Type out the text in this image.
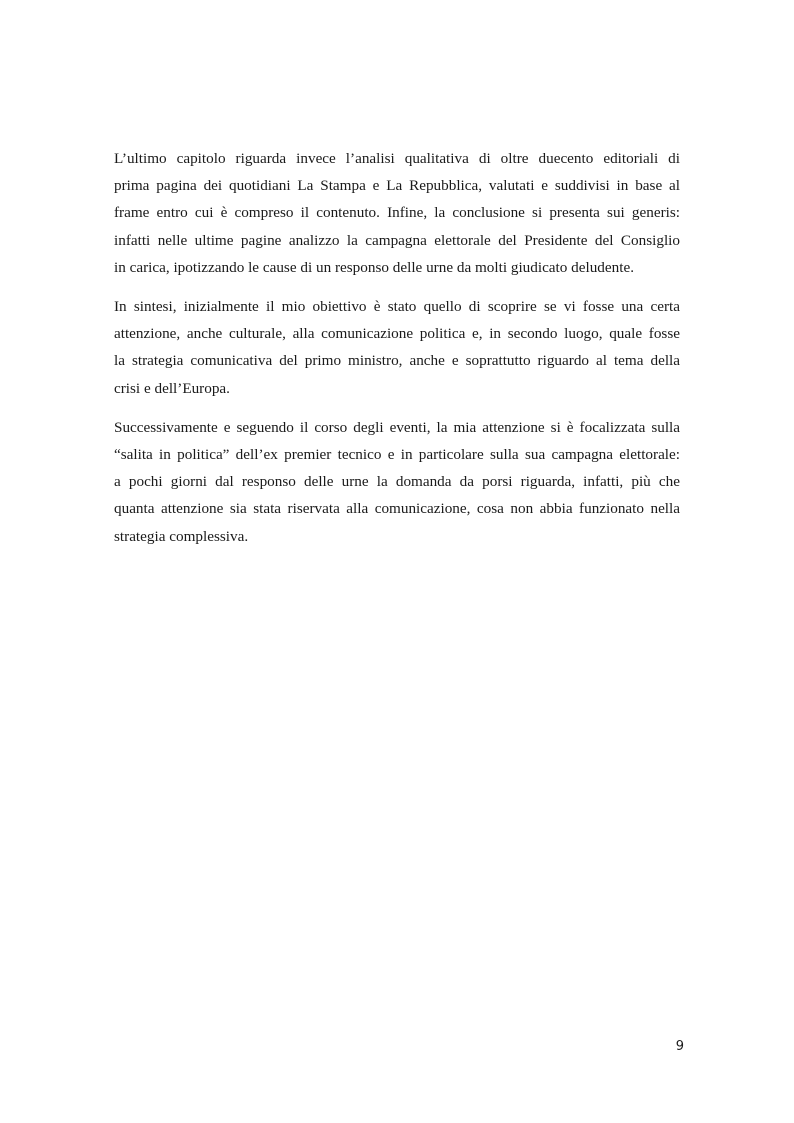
L’ultimo capitolo riguarda invece l’analisi qualitativa di oltre duecento editoriali di
prima pagina dei quotidiani La Stampa e La Repubblica, valutati e suddivisi in base al
frame entro cui è compreso il contenuto. Infine, la conclusione si presenta sui generis:
infatti nelle ultime pagine analizzo la campagna elettorale del Presidente del Consiglio
in carica, ipotizzando le cause di un responso delle urne da molti giudicato deludente.

In sintesi, inizialmente il mio obiettivo è stato quello di scoprire se vi fosse una certa
attenzione, anche culturale, alla comunicazione politica e, in secondo luogo, quale fosse
la strategia comunicativa del primo ministro, anche e soprattutto riguardo al tema della
crisi e dell’Europa.

Successivamente e seguendo il corso degli eventi, la mia attenzione si è focalizzata sulla
“salita in politica” dell’ex premier tecnico e in particolare sulla sua campagna elettorale:
a pochi giorni dal responso delle urne la domanda da porsi riguarda, infatti, più che
quanta attenzione sia stata riservata alla comunicazione, cosa non abbia funzionato nella
strategia complessiva.

9
